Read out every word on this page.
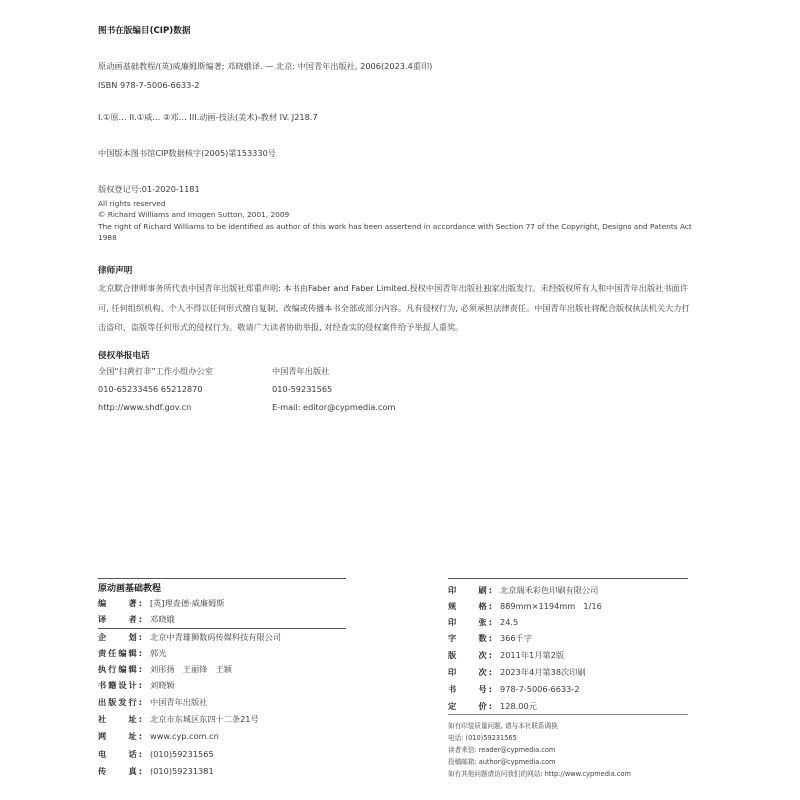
图书在版编目(CIP)数据
原动画基础教程/(英)威廉姆斯编著; 邓晓娥译. — 北京: 中国青年出版社, 2006(2023.4重印)
ISBN 978-7-5006-6633-2
I.①原… II.①威… ②邓… III.动画-技法(美术)-教材 IV. J218.7
中国版本图书馆CIP数据核字(2005)第153330号
版权登记号:01-2020-1181
All rights reserved
© Richard Williams and Imogen Sutton, 2001, 2009
The right of Richard Williams to be identified as author of this work has been assertend in accordance with Section 77 of the Copyright, Designs and Patents Act 1988
律师声明
北京默合律师事务所代表中国青年出版社郑重声明: 本书由Faber and Faber Limited.授权中国青年出版社独家出版发行。未经版权所有人和中国青年出版社书面许可, 任何组织机构、个人不得以任何形式擅自复制、改编或传播本书全部或部分内容。凡有侵权行为, 必须承担法律责任。中国青年出版社将配合版权执法机关大力打击盗印、盗版等任何形式的侵权行为。敬请广大读者协助举报, 对经查实的侵权案件给予举报人重奖。
侵权举报电话
全国“扫黄打非”工作小组办公室
010-65233456 65212870
http://www.shdf.gov.cn
中国青年出版社
010-59231565
E-mail: editor@cypmedia.com
原动画基础教程
编　　著: [英]理查德·威廉姆斯
译　　者: 邓晓娥
企　　划: 北京中青雄狮数码传媒科技有限公司
责任编辑: 郭光
执行编辑: 刘彤扬　王丽锋　王颖
书籍设计: 刘晓颖
出版发行: 中国青年出版社
社　　址: 北京市东城区东四十二条21号
网　　址: www.cyp.com.cn
电　　话: (010)59231565
传　　真: (010)59231381
印　　刷: 北京瑞禾彩色印刷有限公司
规　　格: 889mm×1194mm　1/16
印　　张: 24.5
字　　数: 366千字
版　　次: 2011年1月第2版
印　　次: 2023年4月第38次印刷
书　　号: 978-7-5006-6633-2
定　　价: 128.00元
如有印装质量问题, 请与本社联系调换
电话: (010)59231565
读者来信: reader@cypmedia.com
投稿邮箱: author@cypmedia.com
如有其他问题请访问我们的网站: http://www.cypmedia.com
